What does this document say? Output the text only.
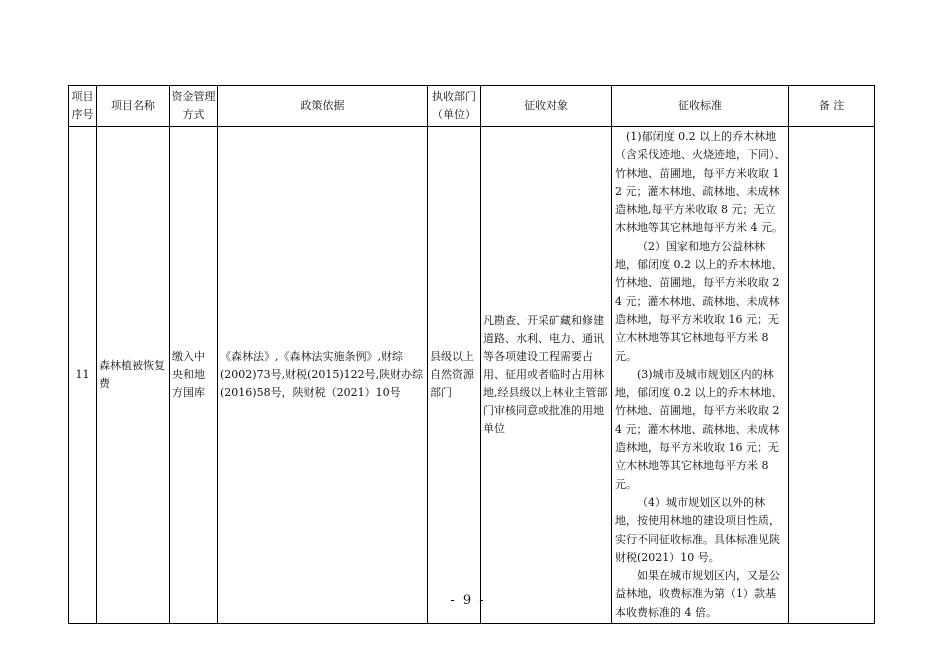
项目序号	项目名称	资金管理方式	政策依据	执收部门（单位）	征收对象	征收标准	备 注
11	森林植被恢复费	缴入中央和地方国库	《森林法》,《森林法实施条例》,财综(2002)73号,财税(2015)122号,陕财办综(2016)58号，陕财税（2021）10号	县级以上自然资源部门	凡勘查、开采矿藏和修建道路、水利、电力、通讯等各项建设工程需要占用、征用或者临时占用林地,经县级以上林业主管部门审核同意或批准的用地单位	(1)郁闭度 0.2 以上的乔木林地（含采伐迹地、火烧迹地，下同）、竹林地、苗圃地，每平方米收取 12 元；灌木林地、疏林地、未成林造林地,每平方米收取 8 元；无立木林地等其它林地每平方米 4 元。

（2）国家和地方公益林林地，郁闭度 0.2 以上的乔木林地、竹林地、苗圃地，每平方米收取 24 元；灌木林地、疏林地、未成林造林地，每平方米收取 16 元；无立木林地等其它林地每平方米 8 元。

(3)城市及城市规划区内的林地，郁闭度 0.2 以上的乔木林地、竹林地、苗圃地，每平方米收取 24 元；灌木林地、疏林地、未成林造林地，每平方米收取 16 元；无立木林地等其它林地每平方米 8 元。

（4）城市规划区以外的林地，按使用林地的建设项目性质，实行不同征收标准。具体标准见陕财税(2021）10 号。

如果在城市规划区内，又是公益林地，收费标准为第（1）款基本收费标准的 4 倍。	

- 9 -
